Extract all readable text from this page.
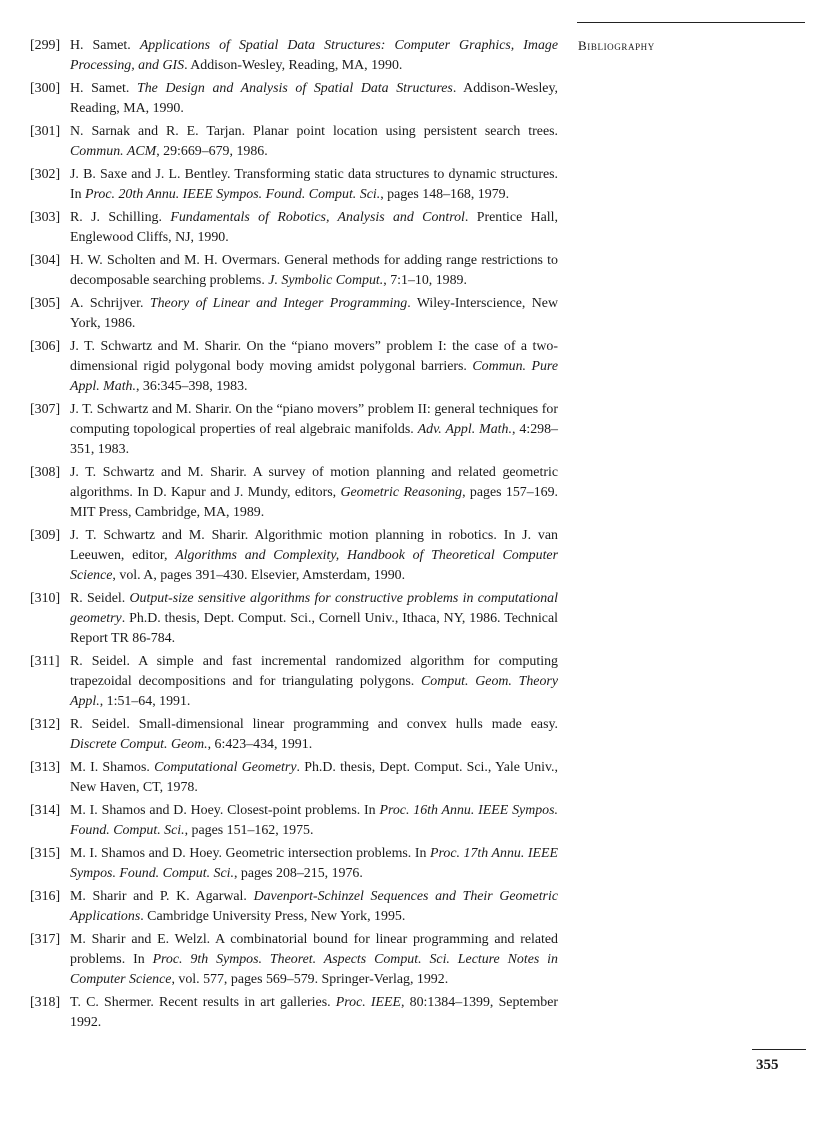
Bibliography
[299] H. Samet. Applications of Spatial Data Structures: Computer Graphics, Image Processing, and GIS. Addison-Wesley, Reading, MA, 1990.
[300] H. Samet. The Design and Analysis of Spatial Data Structures. Addison-Wesley, Reading, MA, 1990.
[301] N. Sarnak and R. E. Tarjan. Planar point location using persistent search trees. Commun. ACM, 29:669–679, 1986.
[302] J. B. Saxe and J. L. Bentley. Transforming static data structures to dynamic structures. In Proc. 20th Annu. IEEE Sympos. Found. Comput. Sci., pages 148–168, 1979.
[303] R. J. Schilling. Fundamentals of Robotics, Analysis and Control. Prentice Hall, Englewood Cliffs, NJ, 1990.
[304] H. W. Scholten and M. H. Overmars. General methods for adding range restrictions to decomposable searching problems. J. Symbolic Comput., 7:1–10, 1989.
[305] A. Schrijver. Theory of Linear and Integer Programming. Wiley-Interscience, New York, 1986.
[306] J. T. Schwartz and M. Sharir. On the “piano movers” problem I: the case of a two-dimensional rigid polygonal body moving amidst polygonal barriers. Commun. Pure Appl. Math., 36:345–398, 1983.
[307] J. T. Schwartz and M. Sharir. On the “piano movers” problem II: general techniques for computing topological properties of real algebraic manifolds. Adv. Appl. Math., 4:298–351, 1983.
[308] J. T. Schwartz and M. Sharir. A survey of motion planning and related geometric algorithms. In D. Kapur and J. Mundy, editors, Geometric Reasoning, pages 157–169. MIT Press, Cambridge, MA, 1989.
[309] J. T. Schwartz and M. Sharir. Algorithmic motion planning in robotics. In J. van Leeuwen, editor, Algorithms and Complexity, Handbook of Theoretical Computer Science, vol. A, pages 391–430. Elsevier, Amsterdam, 1990.
[310] R. Seidel. Output-size sensitive algorithms for constructive problems in computational geometry. Ph.D. thesis, Dept. Comput. Sci., Cornell Univ., Ithaca, NY, 1986. Technical Report TR 86-784.
[311] R. Seidel. A simple and fast incremental randomized algorithm for computing trapezoidal decompositions and for triangulating polygons. Comput. Geom. Theory Appl., 1:51–64, 1991.
[312] R. Seidel. Small-dimensional linear programming and convex hulls made easy. Discrete Comput. Geom., 6:423–434, 1991.
[313] M. I. Shamos. Computational Geometry. Ph.D. thesis, Dept. Comput. Sci., Yale Univ., New Haven, CT, 1978.
[314] M. I. Shamos and D. Hoey. Closest-point problems. In Proc. 16th Annu. IEEE Sympos. Found. Comput. Sci., pages 151–162, 1975.
[315] M. I. Shamos and D. Hoey. Geometric intersection problems. In Proc. 17th Annu. IEEE Sympos. Found. Comput. Sci., pages 208–215, 1976.
[316] M. Sharir and P. K. Agarwal. Davenport-Schinzel Sequences and Their Geometric Applications. Cambridge University Press, New York, 1995.
[317] M. Sharir and E. Welzl. A combinatorial bound for linear programming and related problems. In Proc. 9th Sympos. Theoret. Aspects Comput. Sci. Lecture Notes in Computer Science, vol. 577, pages 569–579. Springer-Verlag, 1992.
[318] T. C. Shermer. Recent results in art galleries. Proc. IEEE, 80:1384–1399, September 1992.
355
